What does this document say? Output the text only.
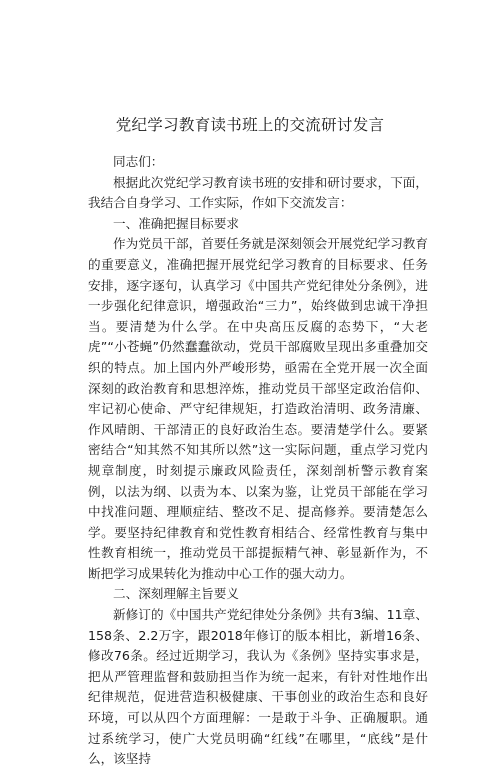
党纪学习教育读书班上的交流研讨发言

同志们：

根据此次党纪学习教育读书班的安排和研讨要求，下面，我结合自身学习、工作实际，作如下交流发言：

一、准确把握目标要求

作为党员干部，首要任务就是深刻领会开展党纪学习教育的重要意义，准确把握开展党纪学习教育的目标要求、任务安排，逐字逐句，认真学习《中国共产党纪律处分条例》，进一步强化纪律意识，增强政治“三力”，始终做到忠诚干净担当。要清楚为什么学。在中央高压反腐的态势下，“大老虎”“小苍蝇”仍然蠢蠢欲动，党员干部腐败呈现出多重叠加交织的特点。加上国内外严峻形势，亟需在全党开展一次全面深刻的政治教育和思想淬炼，推动党员干部坚定政治信仰、牢记初心使命、严守纪律规矩，打造政治清明、政务清廉、作风晴朗、干部清正的良好政治生态。要清楚学什么。要紧密结合“知其然不知其所以然”这一实际问题，重点学习党内规章制度，时刻提示廉政风险责任，深刻剖析警示教育案例，以法为纲、以责为本、以案为鉴，让党员干部能在学习中找准问题、理顺症结、整改不足、提高修养。要清楚怎么学。要坚持纪律教育和党性教育相结合、经常性教育与集中性教育相统一，推动党员干部提振精气神、彰显新作为，不断把学习成果转化为推动中心工作的强大动力。

二、深刻理解主旨要义

新修订的《中国共产党纪律处分条例》共有3编、11章、158条、2.2万字，跟2018年修订的版本相比，新增16条、修改76条。经过近期学习，我认为《条例》坚持实事求是，把从严管理监督和鼓励担当作为统一起来，有针对性地作出纪律规范，促进营造积极健康、干事创业的政治生态和良好环境，可以从四个方面理解：一是敢于斗争、正确履职。通过系统学习，使广大党员明确“红线”在哪里，“底线”是什么，该坚持
